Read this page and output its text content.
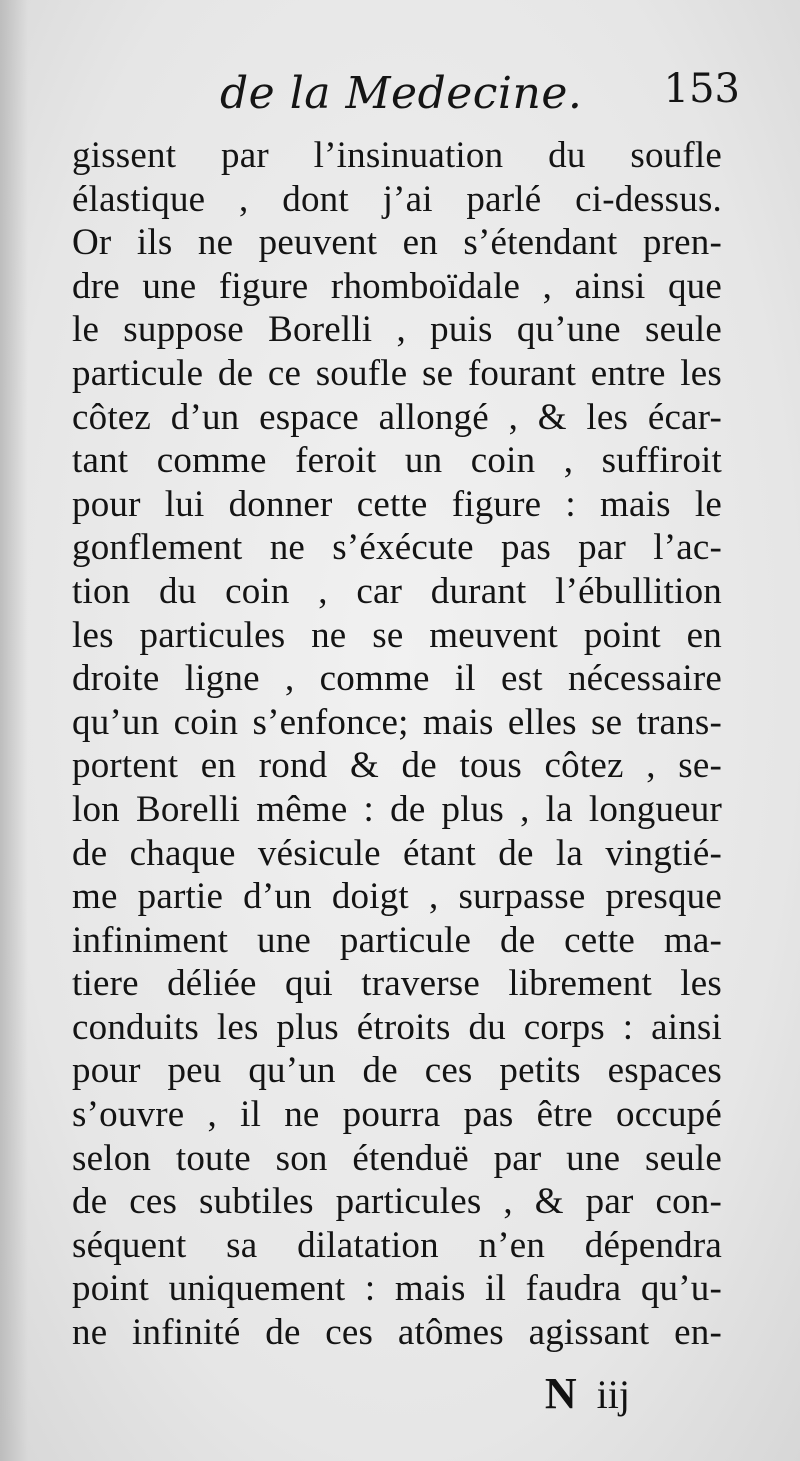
de la Medecine. 153
gissent par l’insinuation du soufle
élastique , dont j’ai parlé ci-dessus.
Or ils ne peuvent en s’étendant pren-
dre une figure rhomboïdale , ainsi que
le suppose Borelli , puis qu’une seule
particule de ce soufle se fourant entre les
côtez d’un espace allongé , & les écar-
tant comme feroit un coin , suffiroit
pour lui donner cette figure : mais le
gonflement ne s’éxécute pas par l’ac-
tion du coin , car durant l’ébullition
les particules ne se meuvent point en
droite ligne , comme il est nécessaire
qu’un coin s’enfonce; mais elles se trans-
portent en rond & de tous côtez , se-
lon Borelli même : de plus , la longueur
de chaque vésicule étant de la vingtié-
me partie d’un doigt , surpasse presque
infiniment une particule de cette ma-
tiere déliée qui traverse librement les
conduits les plus étroits du corps : ainsi
pour peu qu’un de ces petits espaces
s’ouvre , il ne pourra pas être occupé
selon toute son étenduë par une seule
de ces subtiles particules , & par con-
séquent sa dilatation n’en dépendra
point uniquement : mais il faudra qu’u-
ne infinité de ces atômes agissant en-
N iij
